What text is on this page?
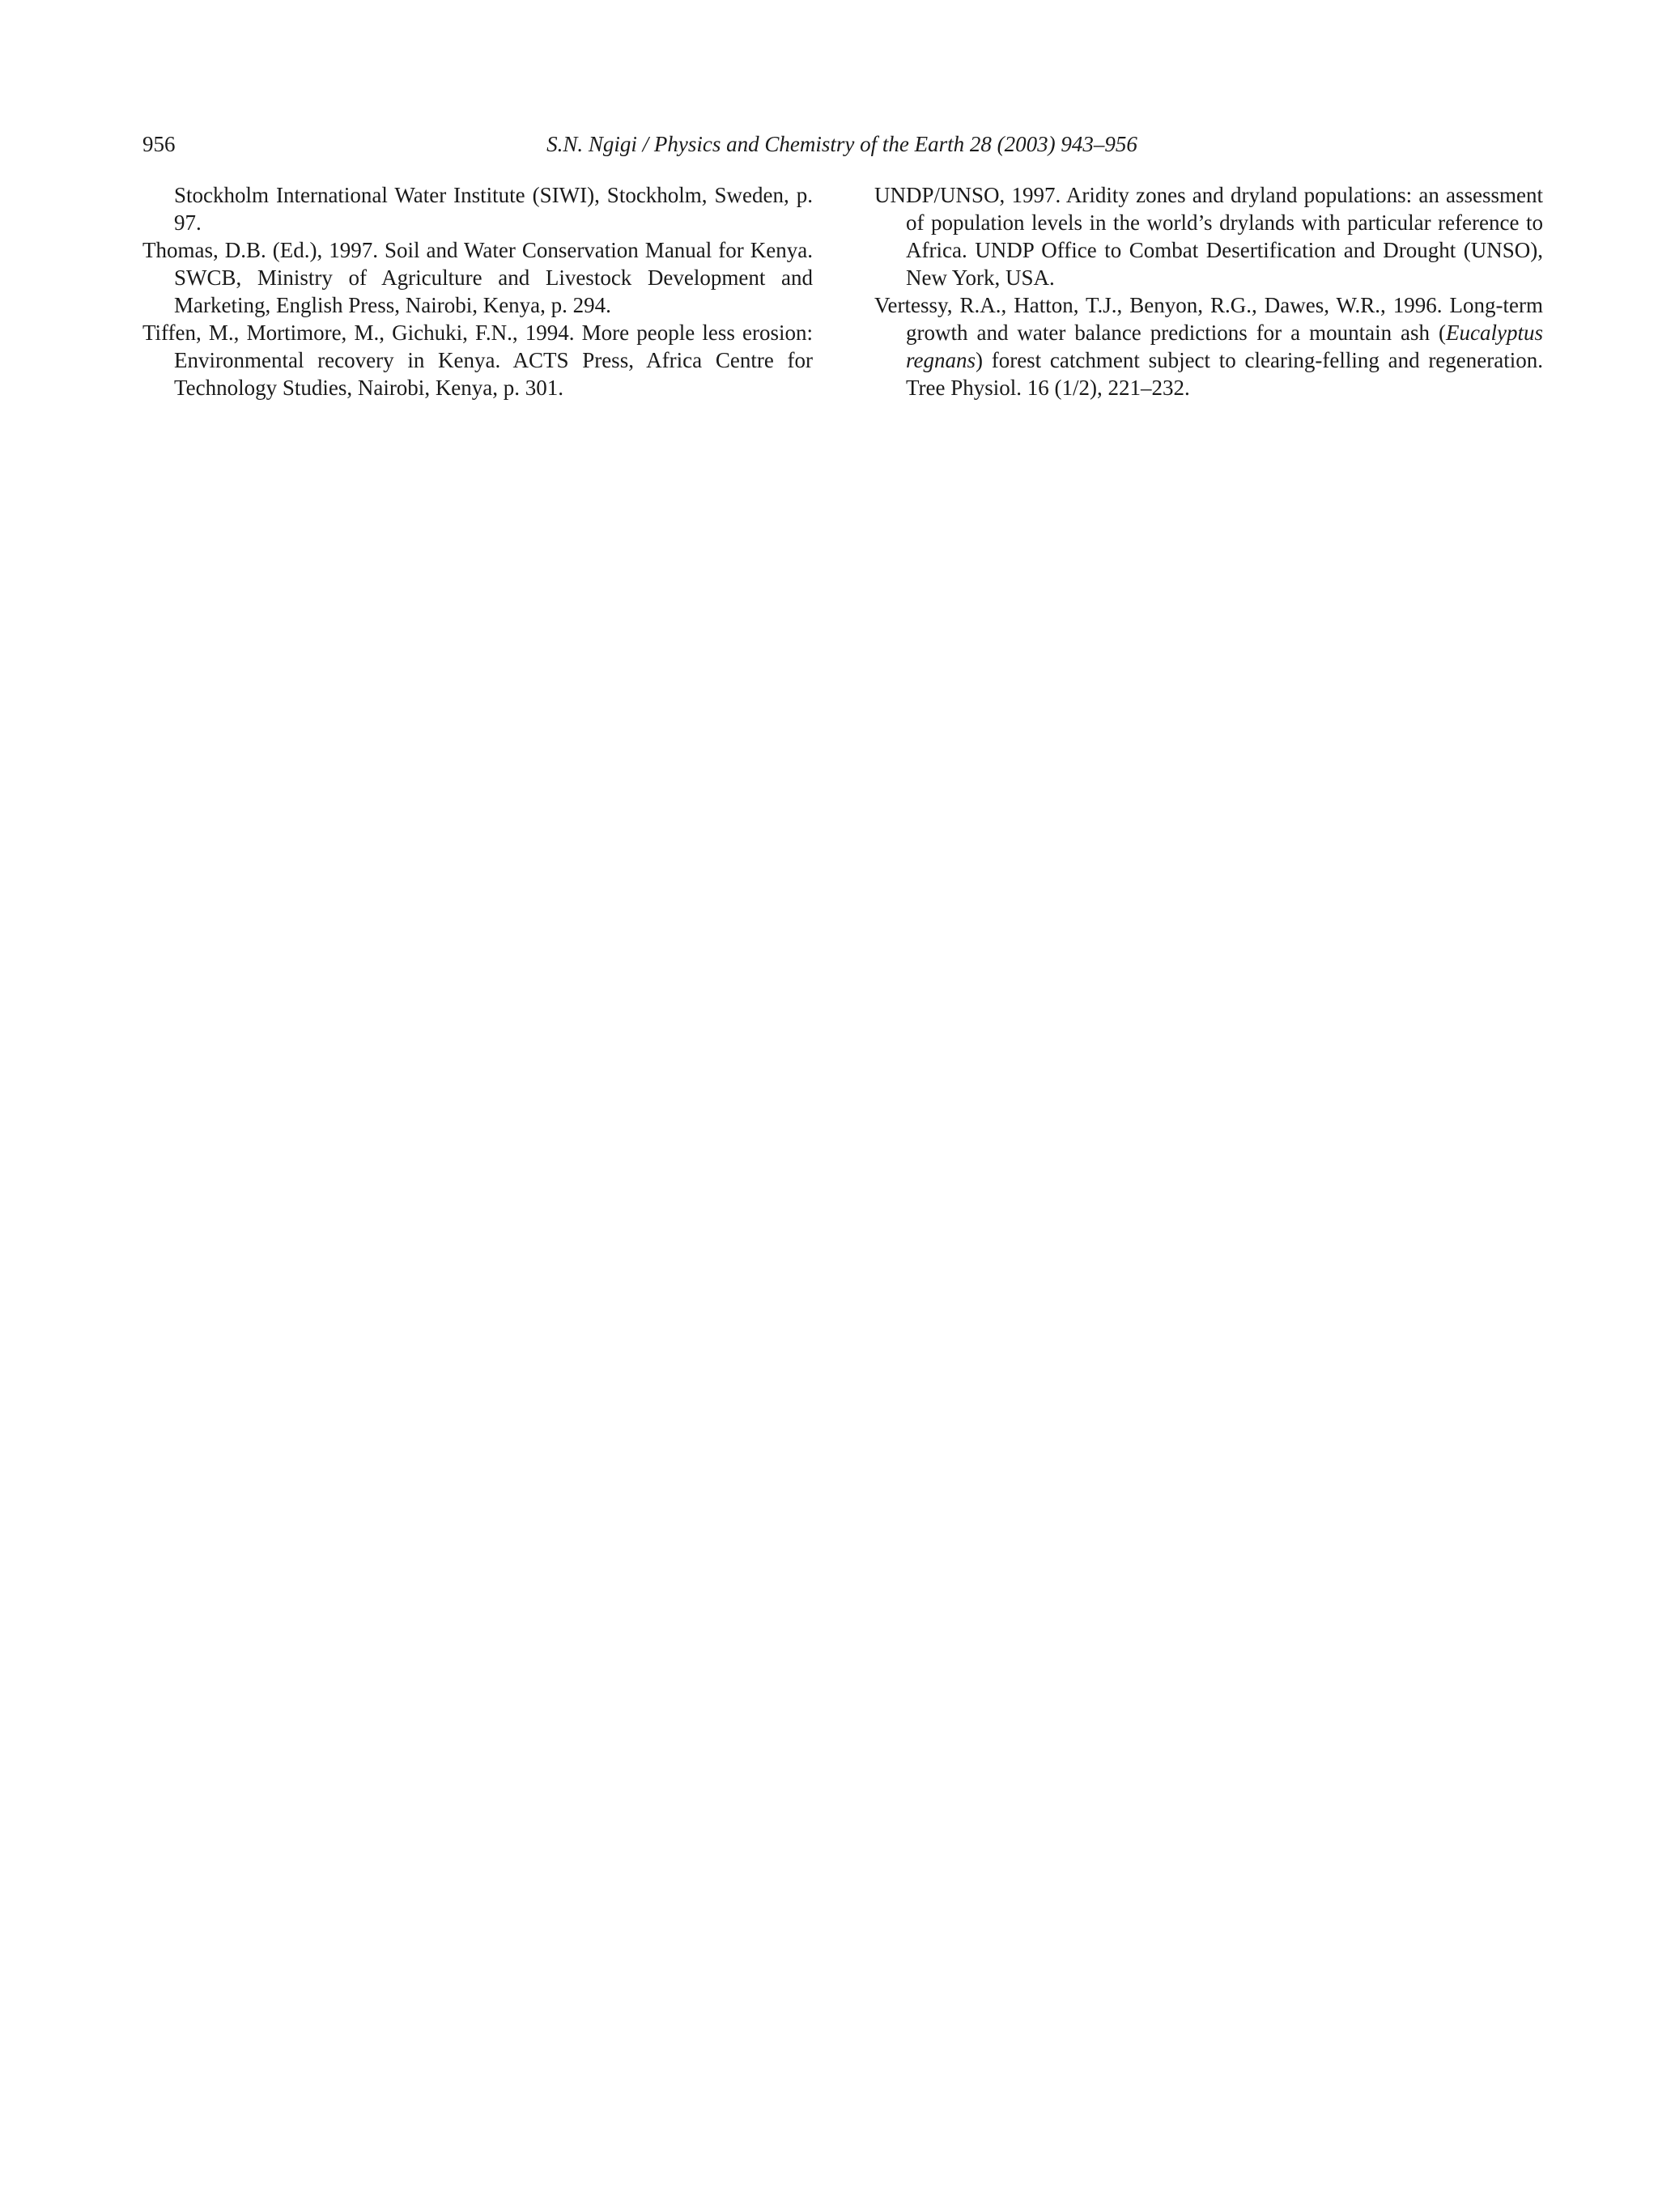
956	S.N. Ngigi / Physics and Chemistry of the Earth 28 (2003) 943–956

Stockholm International Water Institute (SIWI), Stockholm, Sweden, p. 97.

Thomas, D.B. (Ed.), 1997. Soil and Water Conservation Manual for Kenya. SWCB, Ministry of Agriculture and Livestock Development and Marketing, English Press, Nairobi, Kenya, p. 294.

Tiffen, M., Mortimore, M., Gichuki, F.N., 1994. More people less erosion: Environmental recovery in Kenya. ACTS Press, Africa Centre for Technology Studies, Nairobi, Kenya, p. 301.

UNDP/UNSO, 1997. Aridity zones and dryland populations: an assessment of population levels in the world’s drylands with particular reference to Africa. UNDP Office to Combat Desertification and Drought (UNSO), New York, USA.

Vertessy, R.A., Hatton, T.J., Benyon, R.G., Dawes, W.R., 1996. Long-term growth and water balance predictions for a mountain ash (Eucalyptus regnans) forest catchment subject to clearing-felling and regeneration. Tree Physiol. 16 (1/2), 221–232.
